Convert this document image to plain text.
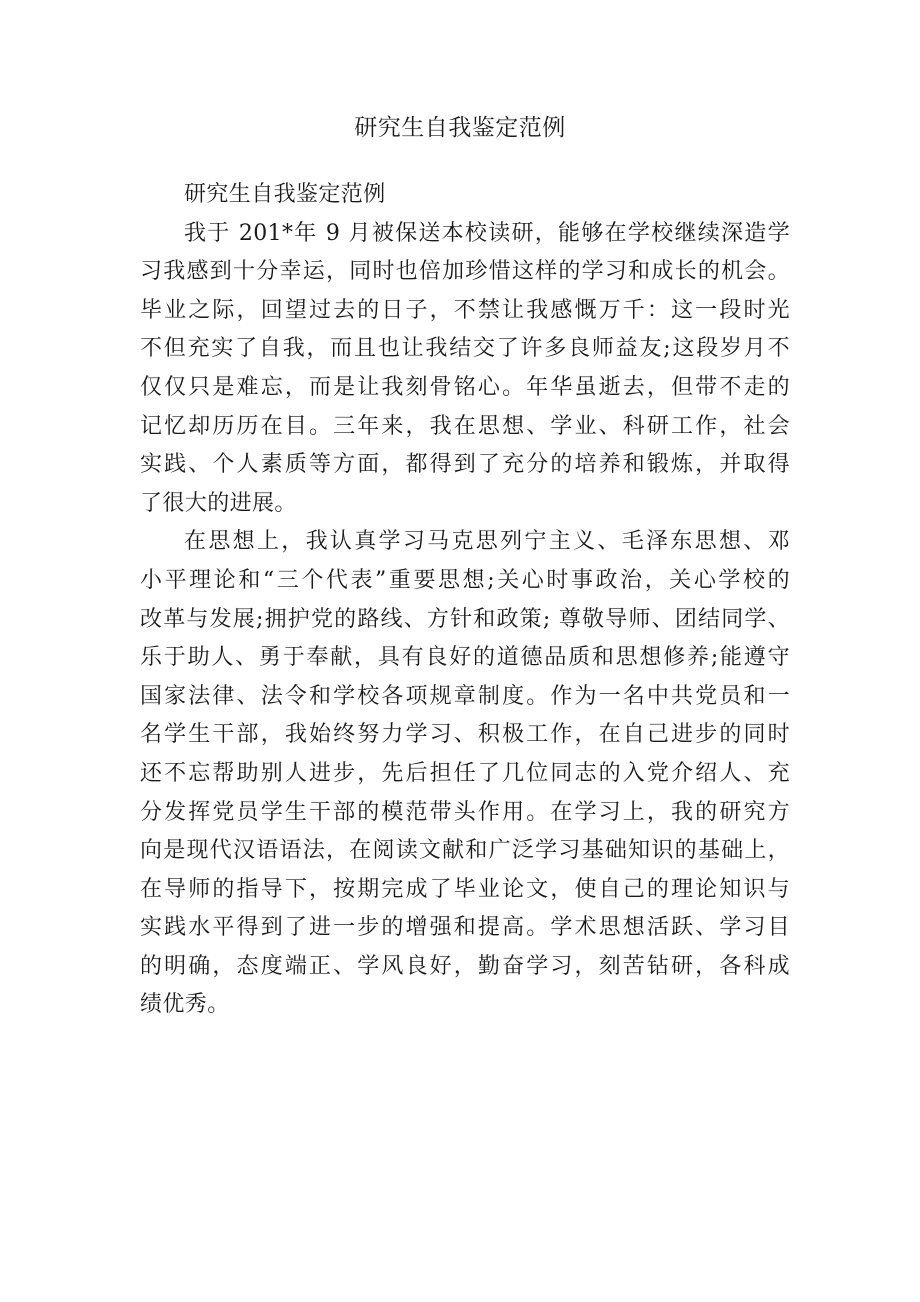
研究生自我鉴定范例
研究生自我鉴定范例
我于 201*年 9 月被保送本校读研，能够在学校继续深造学
习我感到十分幸运，同时也倍加珍惜这样的学习和成长的机会。
毕业之际，回望过去的日子，不禁让我感慨万千：这一段时光
不但充实了自我，而且也让我结交了许多良师益友;这段岁月不
仅仅只是难忘，而是让我刻骨铭心。年华虽逝去，但带不走的
记忆却历历在目。三年来，我在思想、学业、科研工作，社会
实践、个人素质等方面，都得到了充分的培养和锻炼，并取得
了很大的进展。
在思想上，我认真学习马克思列宁主义、毛泽东思想、邓
小平理论和“三个代表”重要思想;关心时事政治，关心学校的
改革与发展;拥护党的路线、方针和政策; 尊敬导师、团结同学、
乐于助人、勇于奉献，具有良好的道德品质和思想修养;能遵守
国家法律、法令和学校各项规章制度。作为一名中共党员和一
名学生干部，我始终努力学习、积极工作，在自己进步的同时
还不忘帮助别人进步，先后担任了几位同志的入党介绍人、充
分发挥党员学生干部的模范带头作用。在学习上，我的研究方
向是现代汉语语法，在阅读文献和广泛学习基础知识的基础上，
在导师的指导下，按期完成了毕业论文，使自己的理论知识与
实践水平得到了进一步的增强和提高。学术思想活跃、学习目
的明确，态度端正、学风良好，勤奋学习，刻苦钻研，各科成
绩优秀。
